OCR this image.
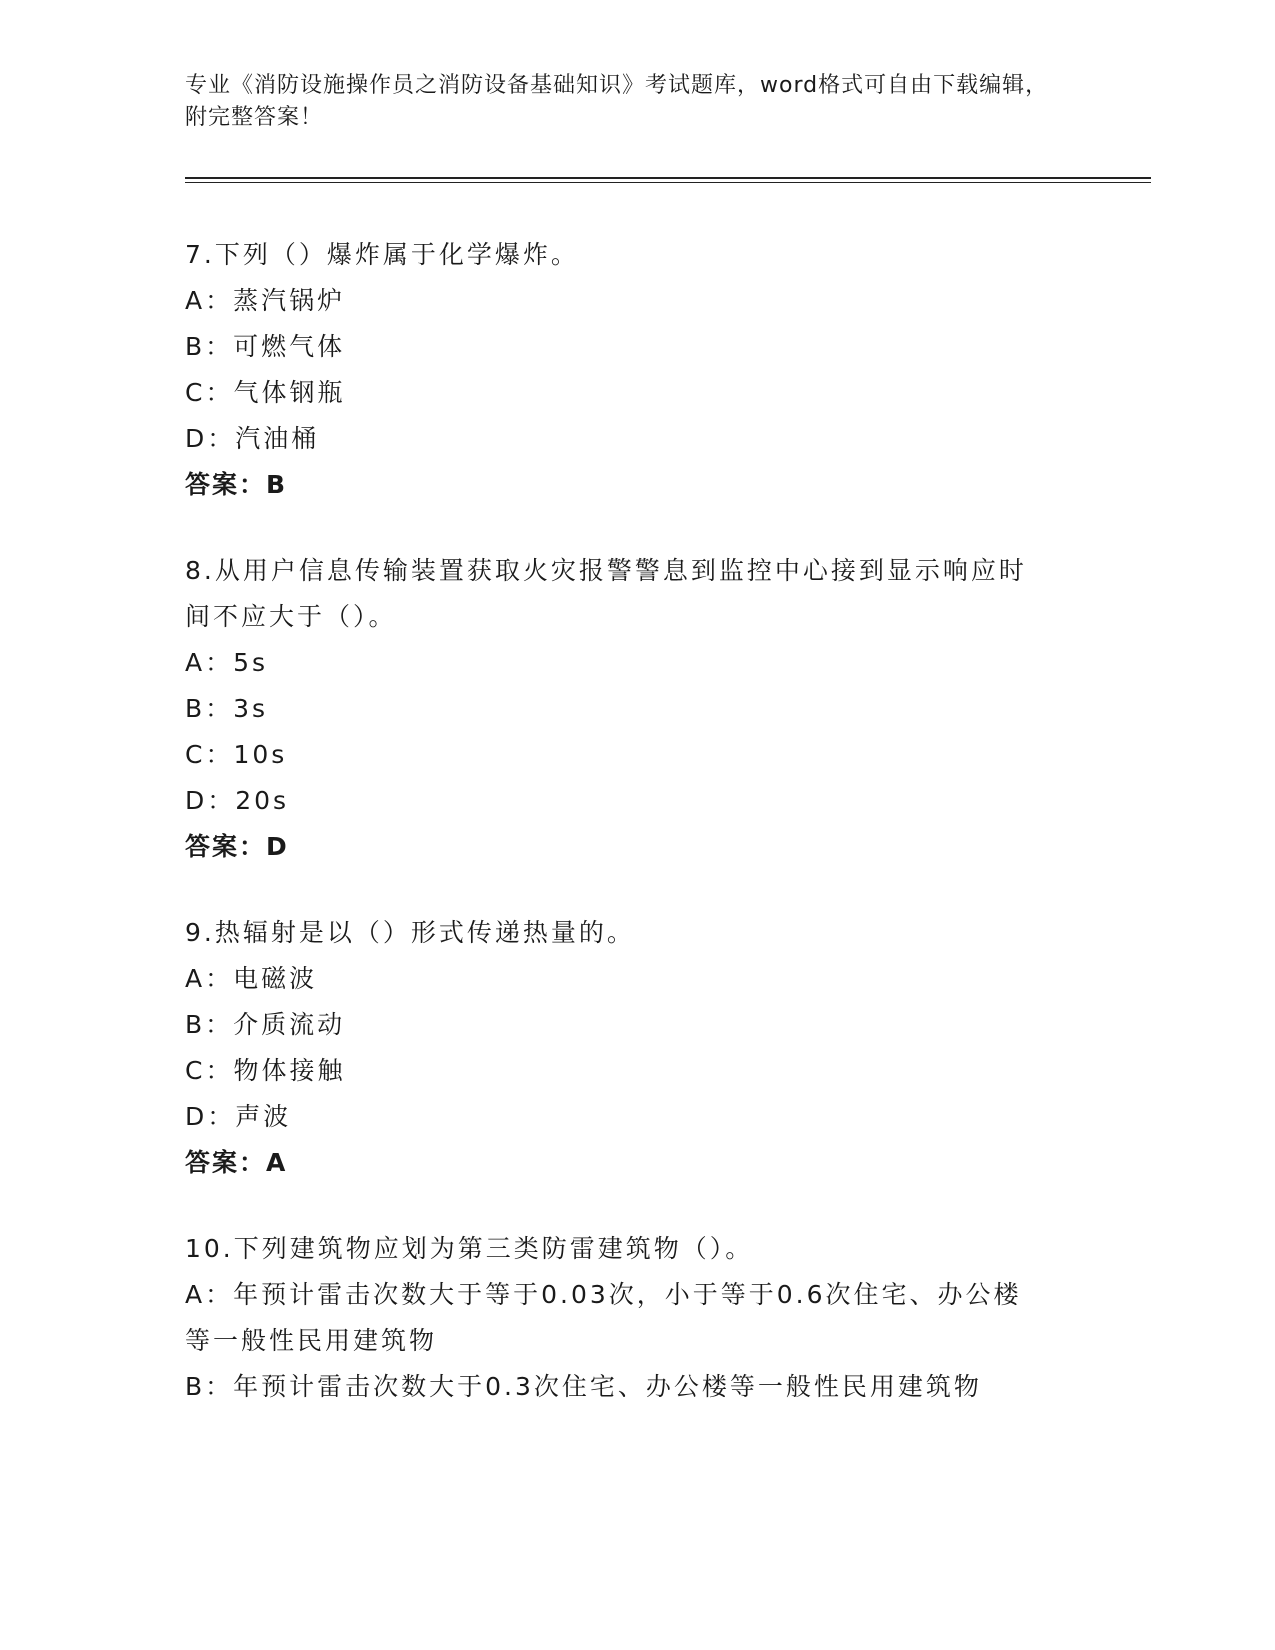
专业《消防设施操作员之消防设备基础知识》考试题库，word格式可自由下载编辑，附完整答案！
7.下列（）爆炸属于化学爆炸。
A：蒸汽锅炉
B：可燃气体
C：气体钢瓶
D：汽油桶
答案：B
8.从用户信息传输装置获取火灾报警警息到监控中心接到显示响应时间不应大于（）。
A：5s
B：3s
C：10s
D：20s
答案：D
9.热辐射是以（）形式传递热量的。
A：电磁波
B：介质流动
C：物体接触
D：声波
答案：A
10.下列建筑物应划为第三类防雷建筑物（）。
A：年预计雷击次数大于等于0.03次，小于等于0.6次住宅、办公楼等一般性民用建筑物
B：年预计雷击次数大于0.3次住宅、办公楼等一般性民用建筑物
